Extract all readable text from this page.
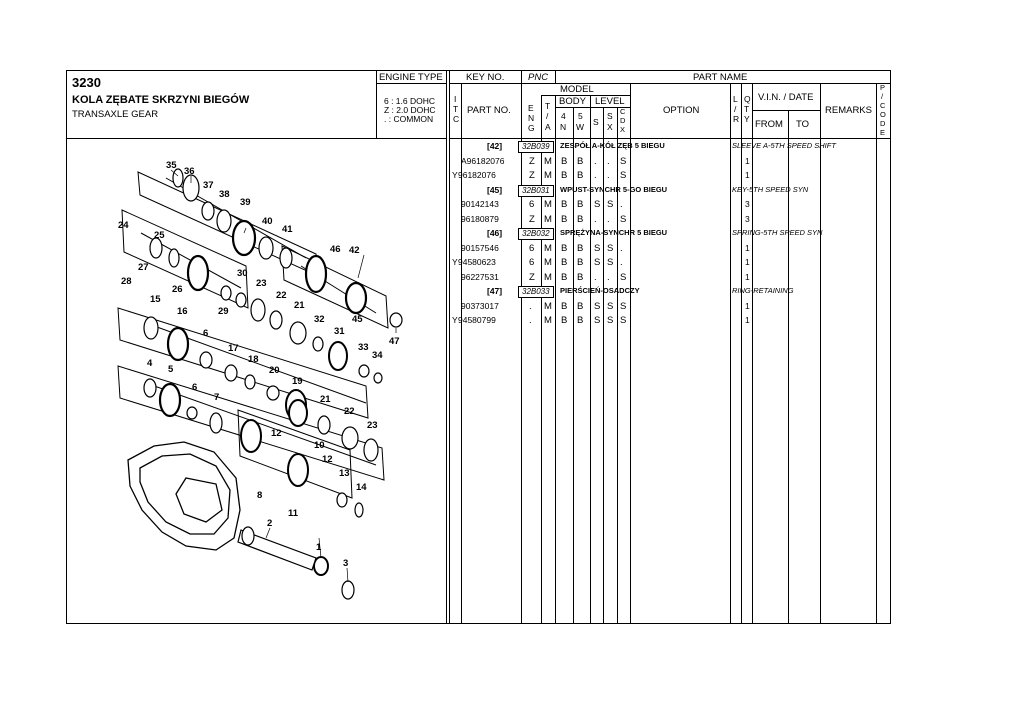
3230
KOLA ZĘBATE SKRZYNI BIEGÓW
TRANSAXLE GEAR
ENGINE TYPE
6 : 1.6 DOHC
Z : 2.0 DOHC
. : COMMON
KEY NO. PNC	PART NAME
I
T
C
PART NO.
MODEL
E
N
G
T
/
A
BODY LEVEL
4
N
5
W S
S
X
C
D
X
OPTION
L
/
R
Q
T
Y
V.I.N. / DATE
FROM TO
REMARKS
P
/
C
O
D
E
[42]	32B039	ZESPÓŁ A-KÓŁ ZĘB 5 BIEGU	SLEEVE A-5TH SPEED SHIFT
A96182076	Z M B B . . S	1
Y 96182076	Z M B B . . S	1
[45]	32B031	WPUST-SYNCHR 5-GO BIEGU	KEY-5TH SPEED SYN
90142143	6 M B B S S .	3
96180879	Z M B B . . S	3
[46]	32B032	SPRĘŻYNA-SYNCHR 5 BIEGU	SPRING-5TH SPEED SYN
90157546	6 M B B S S .	1
Y 94580623	6 M B B S S .	1
96227531	Z M B B . . S	1
[47]	32B033	PIERŚCIEŃ-OSADCZY	RING-RETAINING
90373017	. M B B S S S	1
Y 94580799	. M B B S S S	1
35
36
37
38
39
40
41
24
46 42
25
30
23
27
28
26
15
29
22
21
32	45
16
31
33
47
6
17
34
18
4
5	20
19
6
7	21
22
23
12
12
10
13
8
14
11
2
1
3
